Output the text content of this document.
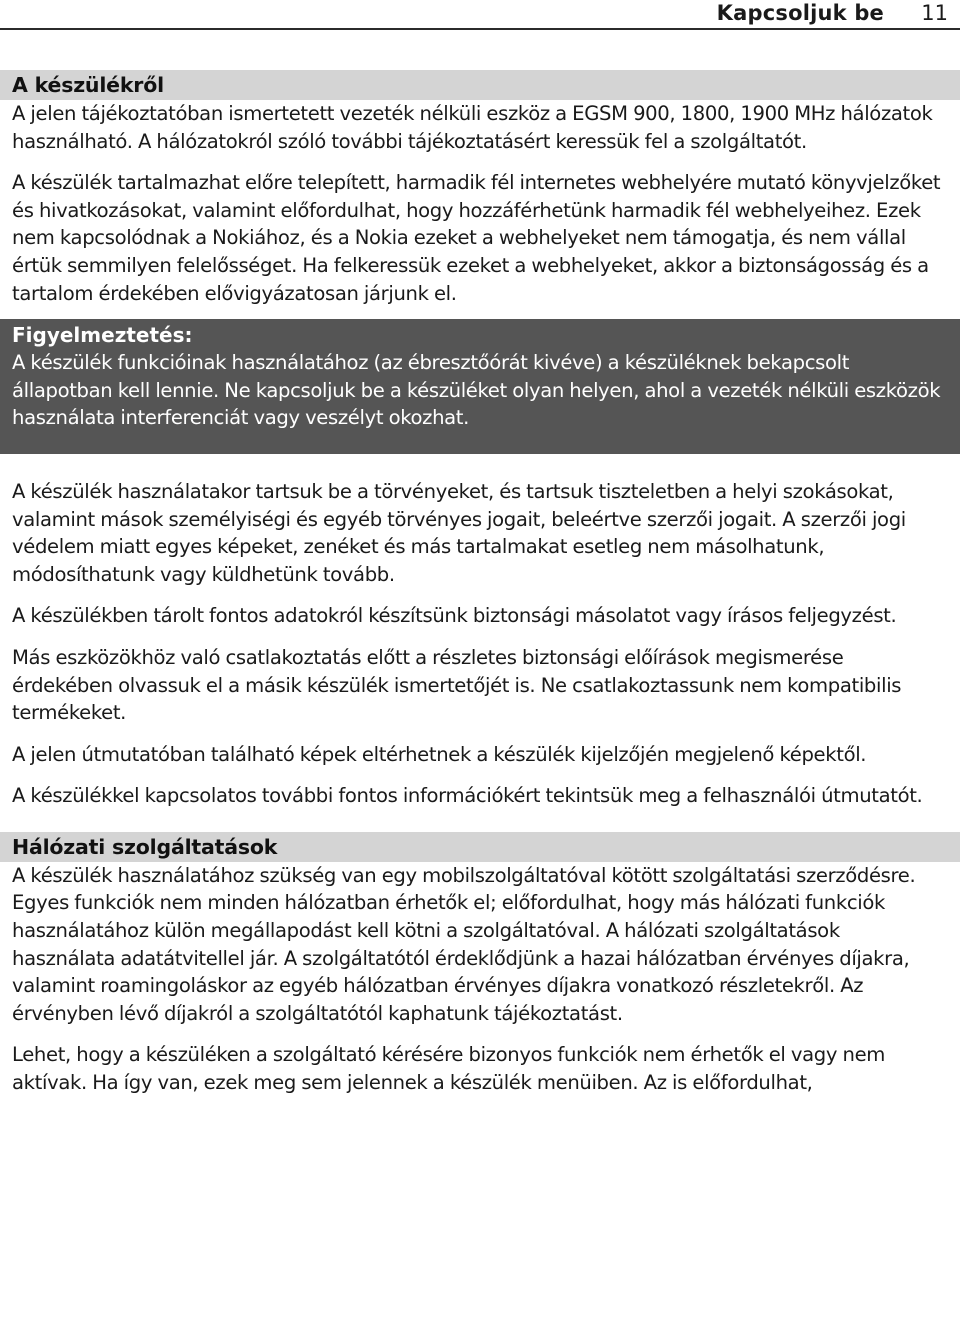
Kapcsoljuk be 11
A készülékről

A jelen tájékoztatóban ismertetett vezeték nélküli eszköz a EGSM 900, 1800, 1900 MHz hálózatok használható. A hálózatokról szóló további tájékoztatásért keressük fel a szolgáltatót.

A készülék tartalmazhat előre telepített, harmadik fél internetes webhelyére mutató könyvjelzőket és hivatkozásokat, valamint előfordulhat, hogy hozzáférhetünk harmadik fél webhelyeihez. Ezek nem kapcsolódnak a Nokiához, és a Nokia ezeket a webhelyeket nem támogatja, és nem vállal értük semmilyen felelősséget. Ha felkeressük ezeket a webhelyeket, akkor a biztonságosság és a tartalom érdekében elővigyázatosan járjunk el.

Figyelmeztetés:

A készülék funkcióinak használatához (az ébresztőórát kivéve) a készüléknek bekapcsolt állapotban kell lennie. Ne kapcsoljuk be a készüléket olyan helyen, ahol a vezeték nélküli eszközök használata interferenciát vagy veszélyt okozhat.

A készülék használatakor tartsuk be a törvényeket, és tartsuk tiszteletben a helyi szokásokat, valamint mások személyiségi és egyéb törvényes jogait, beleértve szerzői jogait. A szerzői jogi védelem miatt egyes képeket, zenéket és más tartalmakat esetleg nem másolhatunk, módosíthatunk vagy küldhetünk tovább.

A készülékben tárolt fontos adatokról készítsünk biztonsági másolatot vagy írásos feljegyzést.

Más eszközökhöz való csatlakoztatás előtt a részletes biztonsági előírások megismerése érdekében olvassuk el a másik készülék ismertetőjét is. Ne csatlakoztassunk nem kompatibilis termékeket.

A jelen útmutatóban található képek eltérhetnek a készülék kijelzőjén megjelenő képektől.

A készülékkel kapcsolatos további fontos információkért tekintsük meg a felhasználói útmutatót.

Hálózati szolgáltatások

A készülék használatához szükség van egy mobilszolgáltatóval kötött szolgáltatási szerződésre. Egyes funkciók nem minden hálózatban érhetők el; előfordulhat, hogy más hálózati funkciók használatához külön megállapodást kell kötni a szolgáltatóval. A hálózati szolgáltatások használata adatátvitellel jár. A szolgáltatótól érdeklődjünk a hazai hálózatban érvényes díjakra, valamint roamingoláskor az egyéb hálózatban érvényes díjakra vonatkozó részletekről. Az érvényben lévő díjakról a szolgáltatótól kaphatunk tájékoztatást.

Lehet, hogy a készüléken a szolgáltató kérésére bizonyos funkciók nem érhetők el vagy nem aktívak. Ha így van, ezek meg sem jelennek a készülék menüiben. Az is előfordulhat,
